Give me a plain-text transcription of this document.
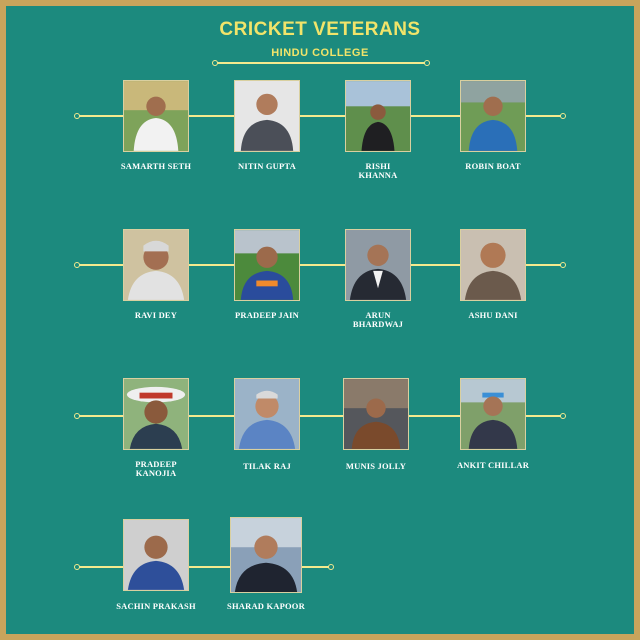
CRICKET VETERANS
HINDU COLLEGE
SAMARTH SETH	NITIN GUPTA	RISHI KHANNA
ROBIN BOAT
RAVI DEY	PRADEEP JAIN	ARUN BHARDWAJ
ASHU DANI
PRADEEP KANOJIA
TILAK RAJ	MUNIS JOLLY	ANKIT CHILLAR
SACHIN PRAKASH	SHARAD KAPOOR
